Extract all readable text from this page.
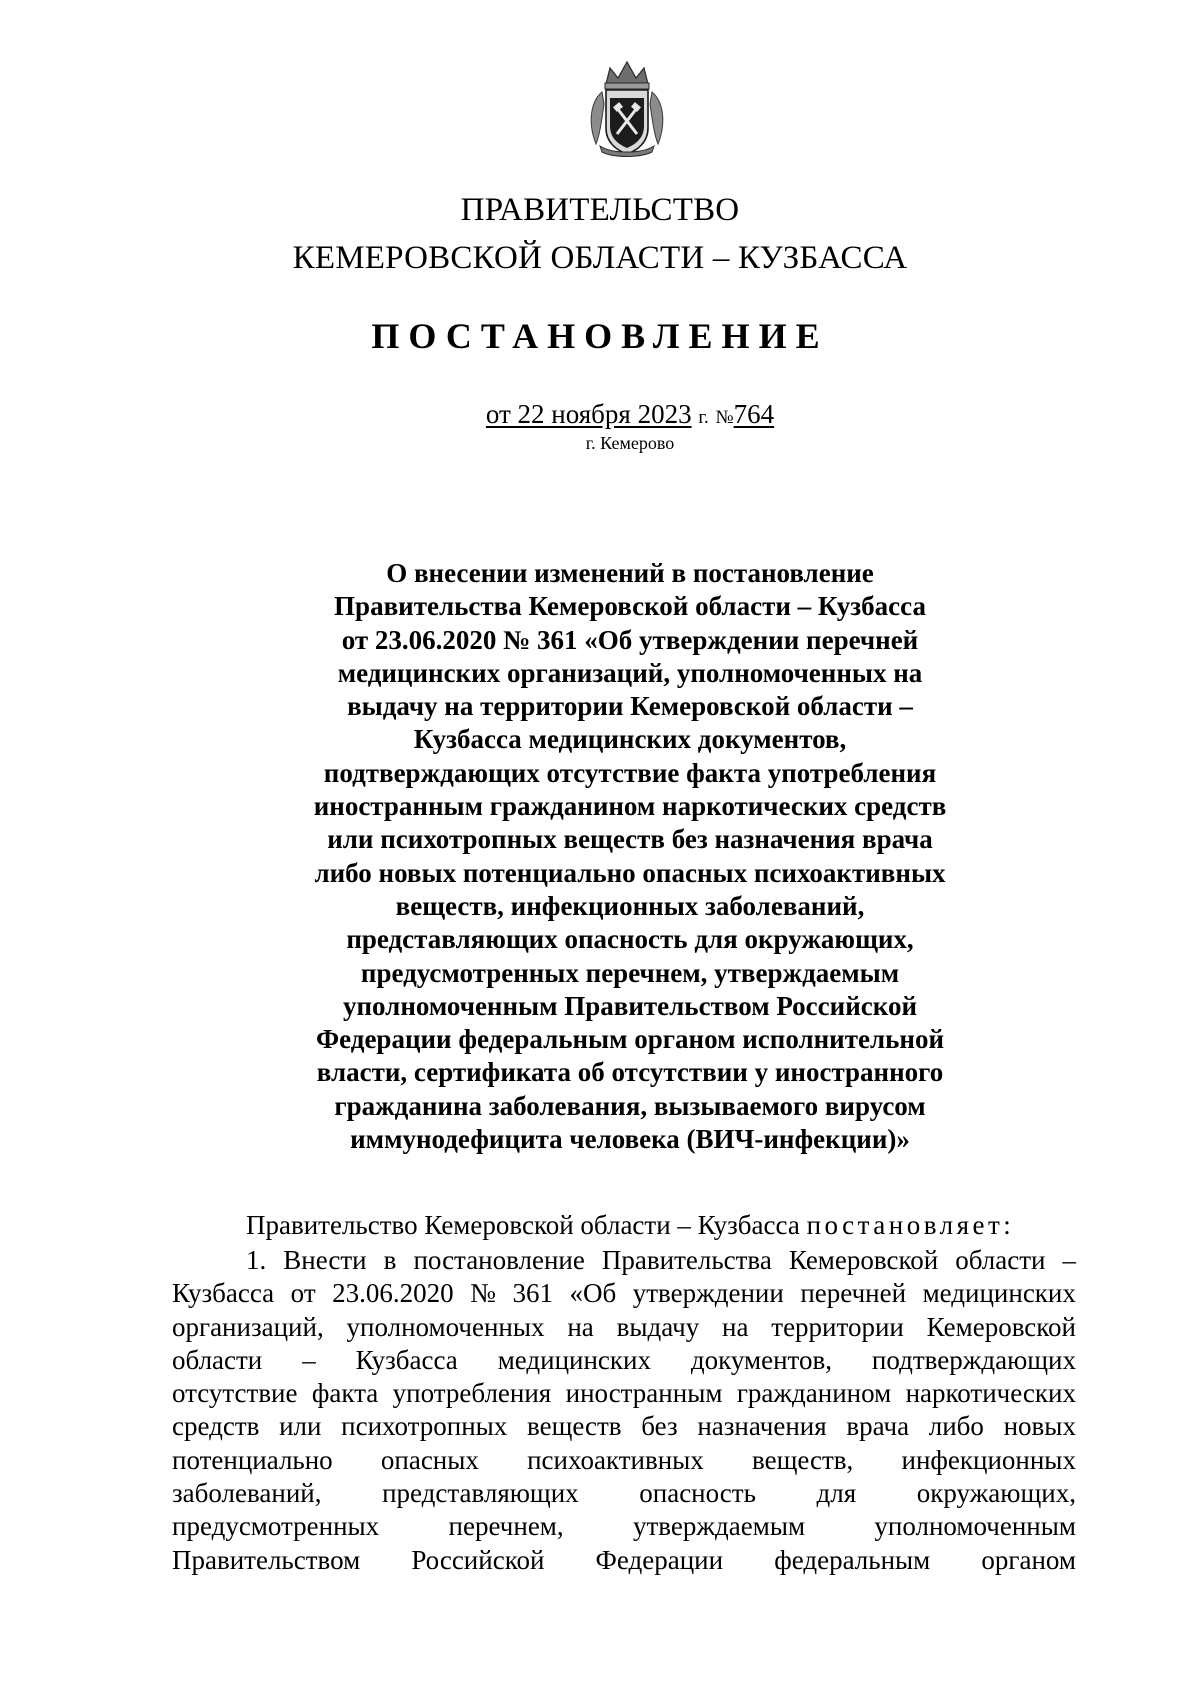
ПРАВИТЕЛЬСТВО
КЕМЕРОВСКОЙ ОБЛАСТИ – КУЗБАССА
ПОСТАНОВЛЕНИЕ
от 22 ноября 2023 г. №764
г. Кемерово
О внесении изменений в постановление
Правительства Кемеровской области – Кузбасса
от 23.06.2020 № 361 «Об утверждении перечней
медицинских организаций, уполномоченных на
выдачу на территории Кемеровской области –
Кузбасса медицинских документов,
подтверждающих отсутствие факта употребления
иностранным гражданином наркотических средств
или психотропных веществ без назначения врача
либо новых потенциально опасных психоактивных
веществ, инфекционных заболеваний,
представляющих опасность для окружающих,
предусмотренных перечнем, утверждаемым
уполномоченным Правительством Российской
Федерации федеральным органом исполнительной
власти, сертификата об отсутствии у иностранного
гражданина заболевания, вызываемого вирусом
иммунодефицита человека (ВИЧ-инфекции)»
Правительство Кемеровской области – Кузбасса постановляет:
1. Внести в постановление Правительства Кемеровской области –
Кузбасса от 23.06.2020 № 361 «Об утверждении перечней медицинских
организаций, уполномоченных на выдачу на территории Кемеровской
области – Кузбасса медицинских документов, подтверждающих
отсутствие факта употребления иностранным гражданином наркотических
средств или психотропных веществ без назначения врача либо новых
потенциально опасных психоактивных веществ, инфекционных
заболеваний, представляющих опасность для окружающих,
предусмотренных	перечнем,	утверждаемым	уполномоченным
Правительством Российской Федерации федеральным органом
